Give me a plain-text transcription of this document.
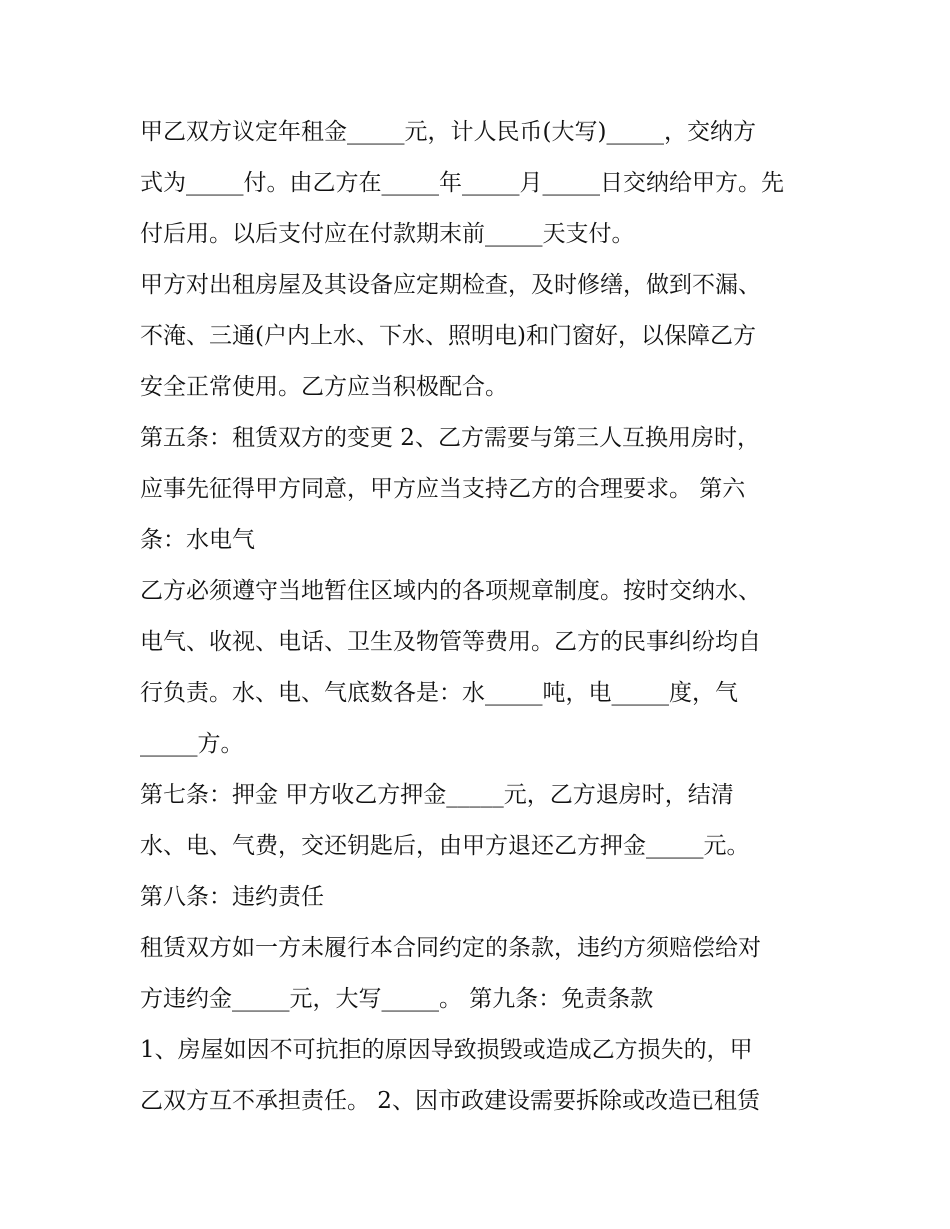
甲乙双方议定年租金_____元，计人民币(大写)_____，交纳方
式为_____付。由乙方在_____年_____月_____日交纳给甲方。先
付后用。以后支付应在付款期末前_____天支付。
甲方对出租房屋及其设备应定期检查，及时修缮，做到不漏、
不淹、三通(户内上水、下水、照明电)和门窗好，以保障乙方
安全正常使用。乙方应当积极配合。
第五条：租赁双方的变更 2、乙方需要与第三人互换用房时，
应事先征得甲方同意，甲方应当支持乙方的合理要求。 第六
条：水电气
乙方必须遵守当地暂住区域内的各项规章制度。按时交纳水、
电气、收视、电话、卫生及物管等费用。乙方的民事纠纷均自
行负责。水、电、气底数各是：水_____吨，电_____度，气
_____方。
第七条：押金 甲方收乙方押金_____元，乙方退房时，结清
水、电、气费，交还钥匙后，由甲方退还乙方押金_____元。
第八条：违约责任
租赁双方如一方未履行本合同约定的条款，违约方须赔偿给对
方违约金_____元，大写_____。 第九条：免责条款
1、房屋如因不可抗拒的原因导致损毁或造成乙方损失的，甲
乙双方互不承担责任。 2、因市政建设需要拆除或改造已租赁
